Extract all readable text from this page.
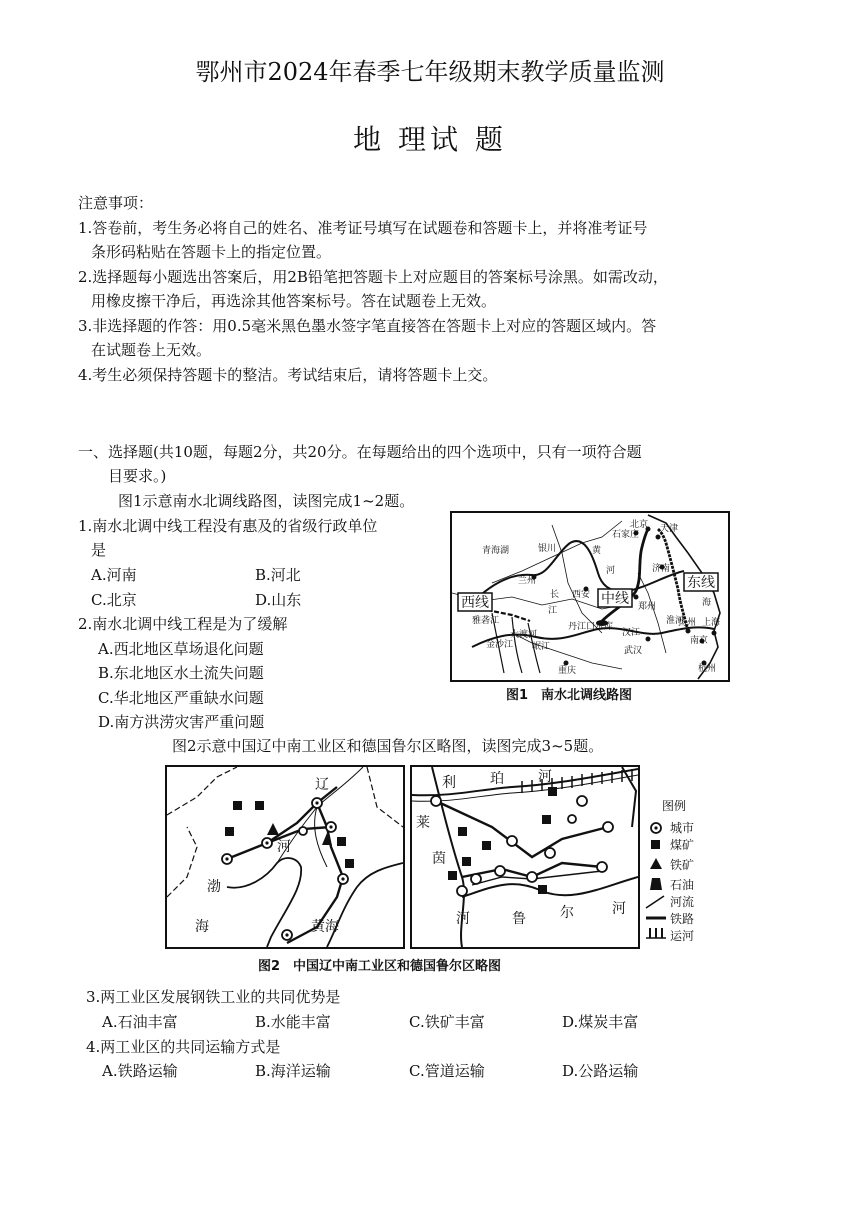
鄂州市2024年春季七年级期末教学质量监测
地 理试 题
注意事项：
1.答卷前，考生务必将自己的姓名、准考证号填写在试题卷和答题卡上，并将准考证号
条形码粘贴在答题卡上的指定位置。
2.选择题每小题选出答案后，用2B铅笔把答题卡上对应题目的答案标号涂黑。如需改动，
用橡皮擦干净后，再选涂其他答案标号。答在试题卷上无效。
3.非选择题的作答：用0.5毫米黑色墨水签字笔直接答在答题卡上对应的答题区域内。答
在试题卷上无效。
4.考生必须保持答题卡的整洁。考试结束后，请将答题卡上交。
一、选择题(共10题，每题2分，共20分。在每题给出的四个选项中，只有一项符合题
目要求。)
图1示意南水北调线路图，读图完成1~2题。
1.南水北调中线工程没有惠及的省级行政单位
是
A.河南	B.河北
C.北京	D.山东
2.南水北调中线工程是为了缓解
A.西北地区草场退化问题
B.东北地区水土流失问题
C.华北地区严重缺水问题
D.南方洪涝灾害严重问题
西线	中线
东线
银川
石家庄
北京 天津
济南
青海湖
兰州
西安
郑州
丹江口水库
汉江
武汉
淮河
扬州
南京
上海
杭州
重庆
黄
河
长
江
海
雅砻江
大渡河
金沙江 岷江
图1　南水北调线路图
图2示意中国辽中南工业区和德国鲁尔区略图，读图完成3~5题。
辽
河
渤
海	黄海
利 珀 河
莱
茵
河	鲁 尔	河
图例
城市
煤矿
铁矿
石油
河流
铁路
运河
图2　中国辽中南工业区和德国鲁尔区略图
3.两工业区发展钢铁工业的共同优势是
A.石油丰富	B.水能丰富	C.铁矿丰富	D.煤炭丰富
4.两工业区的共同运输方式是
A.铁路运输	B.海洋运输	C.管道运输	D.公路运输
